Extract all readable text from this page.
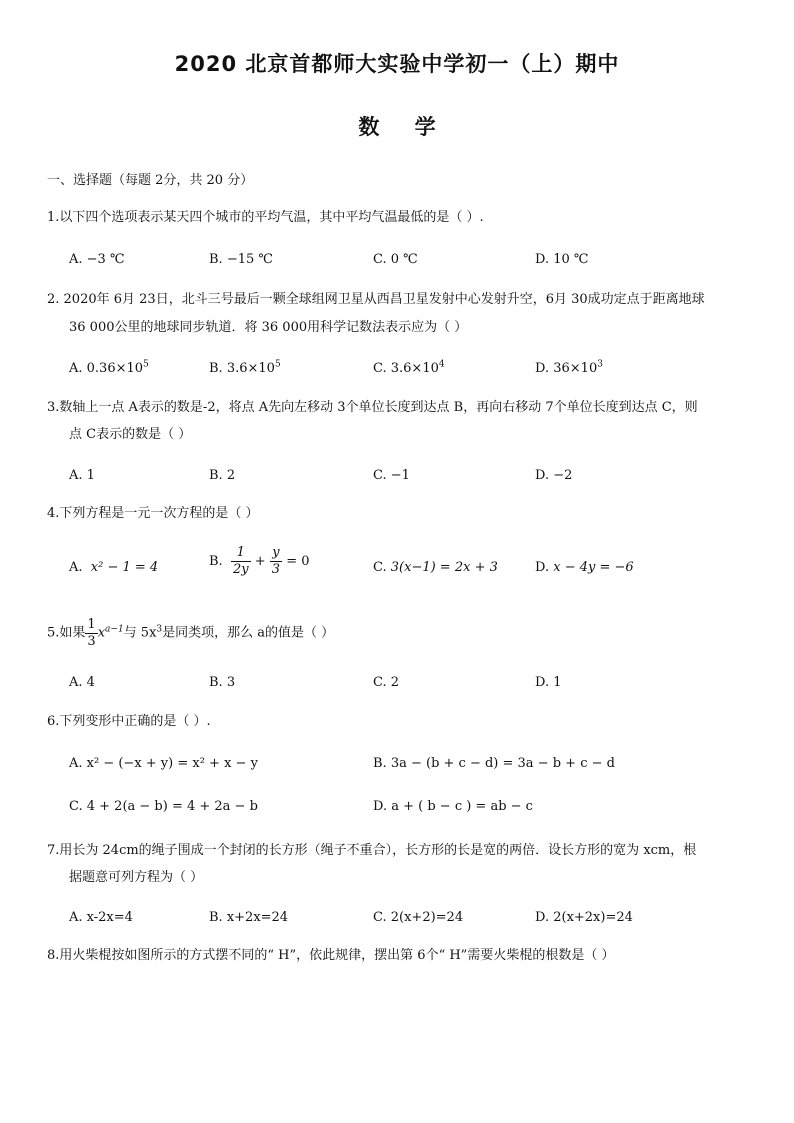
2020 北京首都师大实验中学初一（上）期中
数 学
一、选择题（每题 2分，共 20 分）
1.以下四个选项表示某天四个城市的平均气温，其中平均气温最低的是（ ）.
A. −3 ℃	B. −15 ℃	C. 0 ℃	D. 10 ℃
2. 2020年 6月 23日，北斗三号最后一颗全球组网卫星从西昌卫星发射中心发射升空，6月 30成功定点于距离地球
36 000公里的地球同步轨道．将 36 000用科学记数法表示应为（ ）
A. $0.36\times 10^5$	B. $3.6\times 10^5$	C. $3.6\times 10^4$	D. $36\times 10^3$
3.数轴上一点 A表示的数是-2，将点 A先向左移动 3个单位长度到达点 B，再向右移动 7个单位长度到达点 C，则
点 C表示的数是（ ）
A. 1	B. 2	C. −1	D. −2
4.下列方程是一元一次方程的是（ ）
A. x² − 1 = 4	B. $\frac{1}{2y} + \frac{y}{3} = 0$	C. 3(x−1) = 2x + 3	D. x − 4y = −6
5.如果 $\frac{1}{3} x^{a-1}$与 $5x^3$是同类项，那么 a的值是（ ）
A. 4	B. 3	C. 2	D. 1
6.下列变形中正确的是（ ）.
A. x² − (−x + y) = x² + x − y	B. 3a − (b + c − d) = 3a − b + c − d
C. 4 + 2(a − b) = 4 + 2a − b	D. a + ( b − c ) = ab − c
7.用长为 24cm的绳子围成一个封闭的长方形（绳子不重合），长方形的长是宽的两倍．设长方形的宽为 xcm，根
据题意可列方程为（ ）
A. x-2x=4	B. x+2x=24	C. 2(x+2)=24	D. 2(x+2x)=24
8.用火柴棍按如图所示的方式摆不同的“ H”，依此规律，摆出第 6个“ H”需要火柴棍的根数是（ ）
